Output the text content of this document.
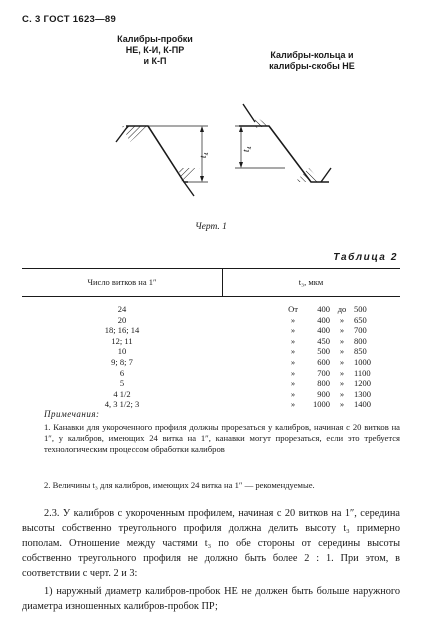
С. 3 ГОСТ 1623—89
Калибры-пробки
НЕ, К-И, К-ПР
и К-П
Калибры-кольца и
калибры-скобы НЕ
t₄
t₄
Черт. 1
Таблица 2
Число витков на 1″	t₃, мкм
24	От	400 до 500
20	»	400	»	650
18; 16; 14	»	400	»	700
12; 11	»	450	»	800
10	»	500	»	850
9; 8; 7	»	600	»	1000
6	»	700	»	1100
5	»	800	»	1200
4 1/2	»	900	»	1300
4, 3 1/2; 3	»	1000	»	1400
Примечания:
1. Канавки для укороченного профиля должны прорезаться у калибров, начиная с 20 витков на 1″, у калибров, имеющих 24 витка на 1″, канавки могут прорезаться, если это требуется технологическим процессом обработки калибров
2. Величины t₃ для калибров, имеющих 24 витка на 1″ — рекомендуемые.
2.3. У калибров с укороченным профилем, начиная с 20 витков на 1″, середина высоты собственно треугольного профиля должна делить высоту t₃ примерно пополам. Отношение между частями t₃ по обе стороны от середины высоты собственно треугольного профиля не должно быть более 2 : 1. При этом, в соответствии с черт. 2 и 3:
1) наружный диаметр калибров-пробок НЕ не должен быть больше наружного диаметра изношенных калибров-пробок ПР;
